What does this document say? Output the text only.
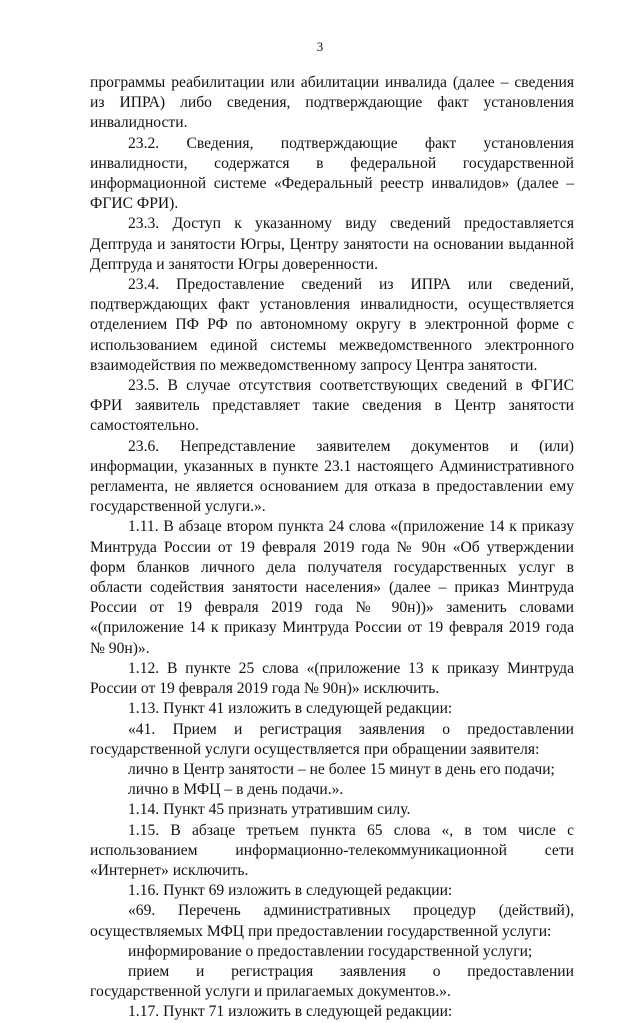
3

программы реабилитации или абилитации инвалида (далее – сведения из ИПРА) либо сведения, подтверждающие факт установления инвалидности.

23.2. Сведения, подтверждающие факт установления инвалидности, содержатся в федеральной государственной информационной системе «Федеральный реестр инвалидов» (далее – ФГИС ФРИ).

23.3. Доступ к указанному виду сведений предоставляется Дептруда и занятости Югры, Центру занятости на основании выданной Дептруда и занятости Югры доверенности.

23.4. Предоставление сведений из ИПРА или сведений, подтверждающих факт установления инвалидности, осуществляется отделением ПФ РФ по автономному округу в электронной форме с использованием единой системы межведомственного электронного взаимодействия по межведомственному запросу Центра занятости.

23.5. В случае отсутствия соответствующих сведений в ФГИС ФРИ заявитель представляет такие сведения в Центр занятости самостоятельно.

23.6. Непредставление заявителем документов и (или) информации, указанных в пункте 23.1 настоящего Административного регламента, не является основанием для отказа в предоставлении ему государственной услуги.».

1.11. В абзаце втором пункта 24 слова «(приложение 14 к приказу Минтруда России от 19 февраля 2019 года № 90н «Об утверждении форм бланков личного дела получателя государственных услуг в области содействия занятости населения» (далее – приказ Минтруда России от 19 февраля 2019 года № 90н))» заменить словами «(приложение 14 к приказу Минтруда России от 19 февраля 2019 года № 90н)».

1.12. В пункте 25 слова «(приложение 13 к приказу Минтруда России от 19 февраля 2019 года № 90н)» исключить.

1.13. Пункт 41 изложить в следующей редакции:

«41. Прием и регистрация заявления о предоставлении государственной услуги осуществляется при обращении заявителя:

лично в Центр занятости – не более 15 минут в день его подачи;

лично в МФЦ – в день подачи.».

1.14. Пункт 45 признать утратившим силу.

1.15. В абзаце третьем пункта 65 слова «, в том числе с использованием информационно-телекоммуникационной сети «Интернет» исключить.

1.16. Пункт 69 изложить в следующей редакции:

«69. Перечень административных процедур (действий), осуществляемых МФЦ при предоставлении государственной услуги:

информирование о предоставлении государственной услуги;

прием и регистрация заявления о предоставлении государственной услуги и прилагаемых документов.».

1.17. Пункт 71 изложить в следующей редакции:
